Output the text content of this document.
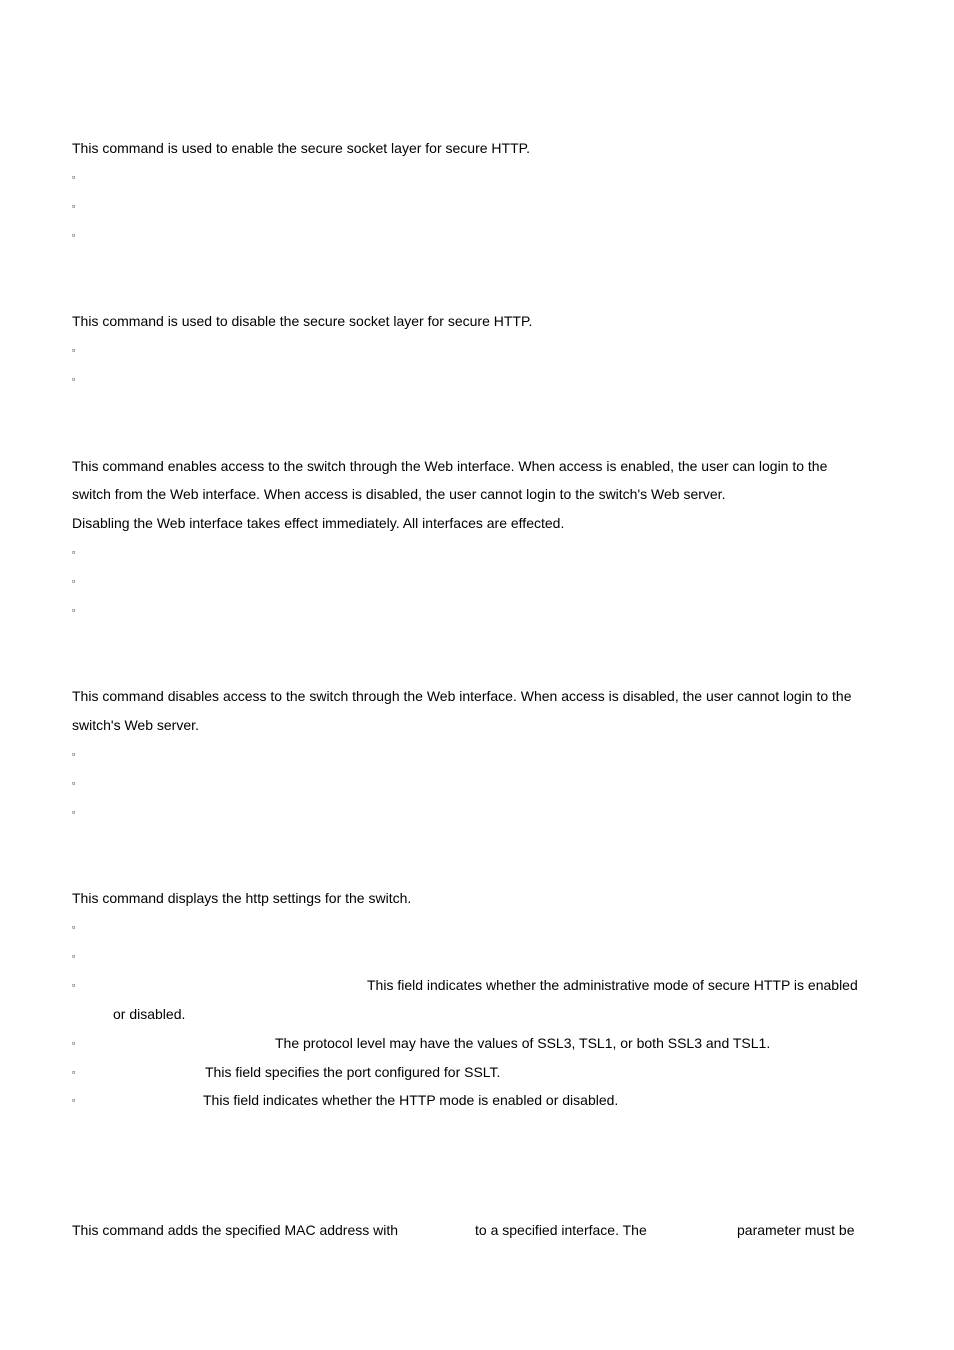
This command is used to enable the secure socket layer for secure HTTP.
▫
▫
▫
This command is used to disable the secure socket layer for secure HTTP.
▫
▫
This command enables access to the switch through the Web interface. When access is enabled, the user can login to the
switch from the Web interface. When access is disabled, the user cannot login to the switch's Web server.
Disabling the Web interface takes effect immediately. All interfaces are effected.
▫
▫
▫
This command disables access to the switch through the Web interface. When access is disabled, the user cannot login to the
switch's Web server.
▫
▫
▫
This command displays the http settings for the switch.
▫
▫
▫	This field indicates whether the administrative mode of secure HTTP is enabled
or disabled.
▫	The protocol level may have the values of SSL3, TSL1, or both SSL3 and TSL1.
▫	This field specifies the port configured for SSLT.
▫	This field indicates whether the HTTP mode is enabled or disabled.
This command adds the specified MAC address with	to a specified interface. The	parameter must be
